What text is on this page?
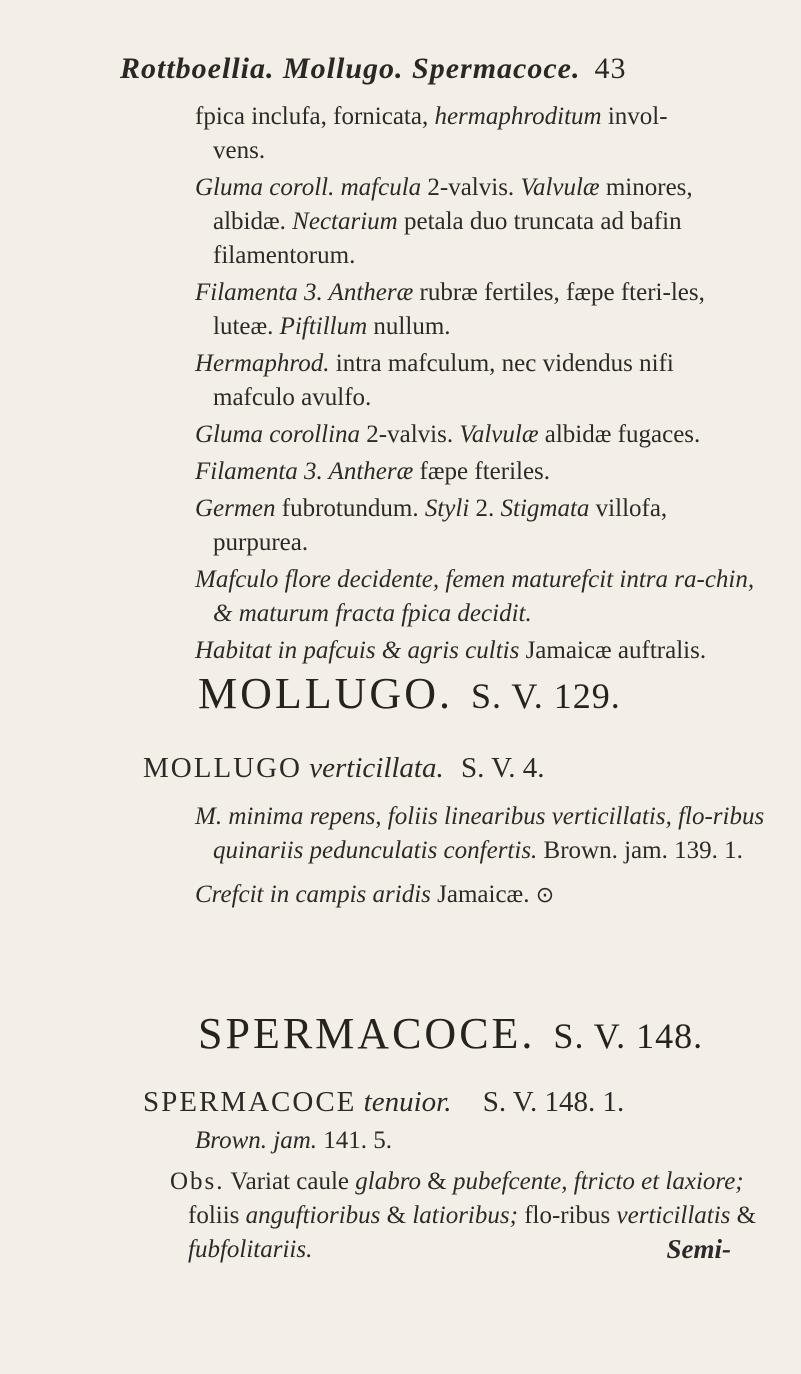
Rottboellia. Mollugo. Spermacoce. 43
fpica inclufa, fornicata, hermaphroditum invol-
vens.
Gluma coroll. mafcula 2-valvis. Valvulæ minores, albidæ. Nectarium petala duo truncata ad bafin filamentorum.
Filamenta 3. Antheræ rubræ fertiles, fæpe fteri-les, luteæ. Piftillum nullum.
Hermaphrod. intra mafculum, nec videndus nifi mafculo avulfo.
Gluma corollina 2-valvis. Valvulæ albidæ fugaces.
Filamenta 3. Antheræ fæpe fteriles.
Germen fubrotundum. Styli 2. Stigmata villofa, purpurea.
Mafculo flore decidente, femen maturefcit intra ra-chin, & maturum fracta fpica decidit.
Habitat in pafcuis & agris cultis Jamaicæ auftralis.
MOLLUGO. S. V. 129.
MOLLUGO verticillata. S. V. 4.
M. minima repens, foliis linearibus verticillatis, flo-ribus quinariis pedunculatis confertis. Brown. jam. 139. 1.
Crefcit in campis aridis Jamaicæ. ⊙
SPERMACOCE. S. V. 148.
SPERMACOCE tenuior. S. V. 148. 1.
Brown. jam. 141. 5.
Obs. Variat caule glabro & pubefcente, ftricto et laxiore; foliis anguftioribus & latioribus; flo-ribus verticillatis & fubfolitariis.	Semi-
